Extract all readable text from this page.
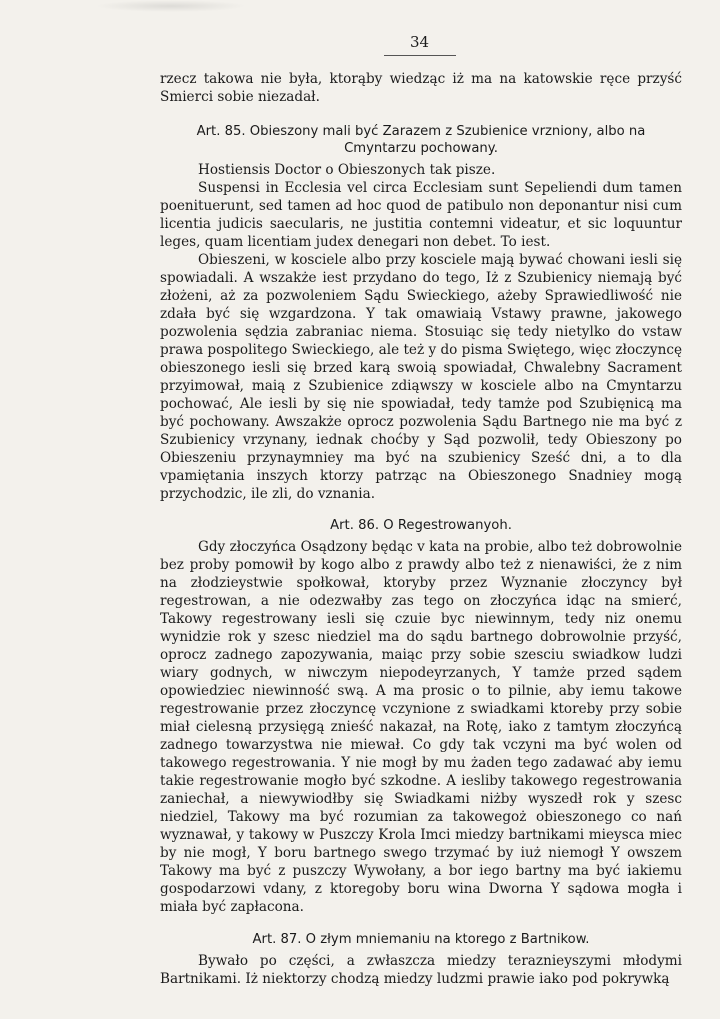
34

rzecz takowa nie była, ktorąby wiedząc iż ma na katowskie ręce przyść Smierci sobie niezadał.

Art. 85. Obieszony mali być Zarazem z Szubienice vrzniony, albo na Cmyntarzu pochowany.

Hostiensis Doctor o Obieszonych tak pisze.

Suspensi in Ecclesia vel circa Ecclesiam sunt Sepeliendi dum tamen poenituerunt, sed tamen ad hoc quod de patibulo non deponantur nisi cum licentia judicis saecularis, ne justitia contemni videatur, et sic loquuntur leges, quam licentiam judex denegari non debet. To iest.

Obieszeni, w kosciele albo przy kosciele mają bywać chowani iesli się spowiadali. A wszakże iest przydano do tego, Iż z Szubienicy niemają być złożeni, aż za pozwoleniem Sądu Swieckiego, ażeby Sprawiedliwość nie zdała być się wzgardzona. Y tak omawiaią Vstawy prawne, jakowego pozwolenia sędzia zabraniac niema. Stosuiąc się tedy nietylko do vstaw prawa pospolitego Swieckiego, ale też y do pisma Swiętego, więc złoczyncę obieszonego iesli się brzed karą swoią spowiadał, Chwalebny Sacrament przyimował, maią z Szubienice zdiąwszy w kosciele albo na Cmyntarzu pochować, Ale iesli by się nie spowiadał, tedy tamże pod Szubięnicą ma być pochowany. Awszakże oprocz pozwolenia Sądu Bartnego nie ma być z Szubienicy vrzynany, iednak choćby y Sąd pozwolił, tedy Obieszony po Obieszeniu przynaymniey ma być na szubienicy Sześć dni, a to dla vpamiętania inszych ktorzy patrząc na Obieszonego Snadniey mogą przychodzic, ile zli, do vznania.

Art. 86. O Regestrowanyoh.

Gdy złoczyńca Osądzony będąc v kata na probie, albo też dobrowolnie bez proby pomowił by kogo albo z prawdy albo też z nienawiści, że z nim na złodzieystwie społkował, ktoryby przez Wyznanie złoczyncy był regestrowan, a nie odezwałby zas tego on złoczyńca idąc na smierć, Takowy regestrowany iesli się czuie byc niewinnym, tedy niz onemu wynidzie rok y szesc niedziel ma do sądu bartnego dobrowolnie przyść, oprocz zadnego zapozywania, maiąc przy sobie szesciu swiadkow ludzi wiary godnych, w niwczym niepodeyrzanych, Y tamże przed sądem opowiedziec niewinność swą. A ma prosic o to pilnie, aby iemu takowe regestrowanie przez złoczyncę vczynione z swiadkami ktoreby przy sobie miał cielesną przysięgą znieść nakazał, na Rotę, iako z tamtym złoczyńcą zadnego towarzystwa nie miewał. Co gdy tak vczyni ma być wolen od takowego regestrowania. Y nie mogł by mu żaden tego zadawać aby iemu takie regestrowanie mogło być szkodne. A iesliby takowego regestrowania zaniechał, a niewywiodłby się Swiadkami niżby wyszedł rok y szesc niedziel, Takowy ma być rozumian za takowegoż obieszonego co nań wyznawał, y takowy w Puszczy Krola Imci miedzy bartnikami mieysca miec by nie mogł, Y boru bartnego swego trzymać by iuż niemogł Y owszem Takowy ma być z puszczy Wywołany, a bor iego bartny ma być iakiemu gospodarzowi vdany, z ktoregoby boru wina Dworna Y sądowa mogła i miała być zapłacona.

Art. 87. O złym mniemaniu na ktorego z Bartnikow.

Bywało po części, a zwłaszcza miedzy teraznieyszymi młodymi Bartnikami. Iż niektorzy chodzą miedzy ludzmi prawie iako pod pokrywką
